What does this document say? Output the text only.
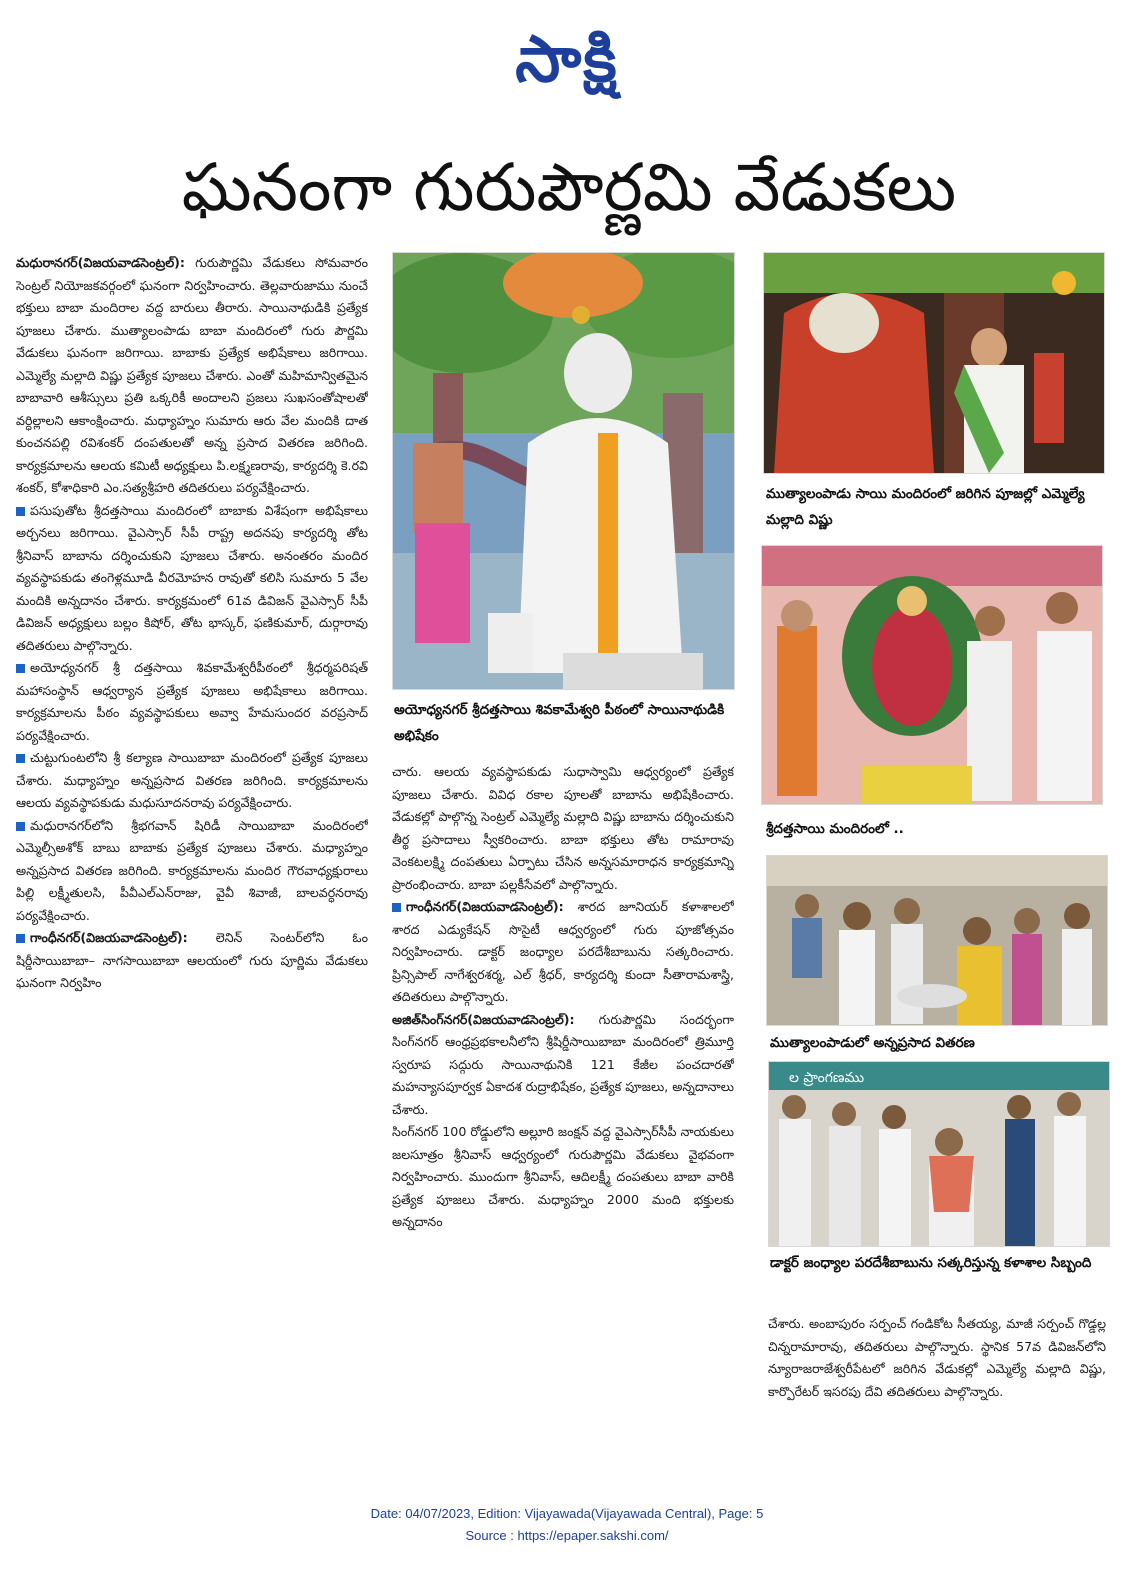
సాక్షి
ఘనంగా గురుపౌర్ణమి వేడుకలు

మధురానగర్(విజయవాడసెంట్రల్): గురుపౌర్ణమి వేడుకలు సోమవారం సెంట్రల్ నియోజకవర్గంలో ఘనంగా నిర్వహించారు. తెల్లవారుజాము నుంచే భక్తులు బాబా మందిరాల వద్ద బారులు తీరారు. సాయినాథుడికి ప్రత్యేక పూజలు చేశారు. ముత్యాలంపాడు బాబా మందిరంలో గురు పౌర్ణమి వేడుకలు ఘనంగా జరిగాయి. బాబాకు ప్రత్యేక అభిషేకాలు జరిగాయి. ఎమ్మెల్యే మల్లాది విష్ణు ప్రత్యేక పూజలు చేశారు. ఎంతో మహిమాన్వితమైన బాబావారి ఆశీస్సులు ప్రతి ఒక్కరికీ అందాలని ప్రజలు సుఖసంతోషాలతో వర్ధిల్లాలని ఆకాంక్షించారు. మధ్యాహ్నం సుమారు ఆరు వేల మందికి దాత కుంచనపల్లి రవిశంకర్ దంపతులతో అన్న ప్రసాద వితరణ జరిగింది. కార్యక్రమాలను ఆలయ కమిటీ అధ్యక్షులు పి.లక్ష్మణరావు, కార్యదర్శి కె.రవి శంకర్, కోశాధికారి ఎం.సత్యశ్రీహరి తదితరులు పర్యవేక్షించారు.

పసుపుతోట శ్రీదత్తసాయి మందిరంలో బాబాకు విశేషంగా అభిషేకాలు అర్చనలు జరిగాయి. వైఎస్సార్ సీపీ రాష్ట్ర అదనపు కార్యదర్శి తోట శ్రీనివాస్ బాబాను దర్శించుకుని పూజలు చేశారు. అనంతరం మందిర వ్యవస్థాపకుడు తంగెళ్లమూడి వీరమోహన రావుతో కలిసి సుమారు 5 వేల మందికి అన్నదానం చేశారు. కార్యక్రమంలో 61వ డివిజన్ వైఎస్సార్ సీపీ డివిజన్ అధ్యక్షులు బల్లం కిషోర్, తోట భాస్కర్, ఫణికుమార్, దుర్గారావు తదితరులు పాల్గొన్నారు.

అయోధ్యనగర్ శ్రీ దత్తసాయి శివకామేశ్వరీపీఠంలో శ్రీధర్మపరిషత్ మహాసంస్థాన్ ఆధ్వర్యాన ప్రత్యేక పూజలు అభిషేకాలు జరిగాయి. కార్యక్రమాలను పీఠం వ్యవస్థాపకులు అవ్వా హేమసుందర వరప్రసాద్ పర్యవేక్షించారు.

చుట్టుగుంటలోని శ్రీ కల్యాణ సాయిబాబా మందిరంలో ప్రత్యేక పూజలు చేశారు. మధ్యాహ్నం అన్నప్రసాద వితరణ జరిగింది. కార్యక్రమాలను ఆలయ వ్యవస్థాపకుడు మధుసూదనరావు పర్యవేక్షించారు.

మధురానగర్‌లోని శ్రీభగవాన్ షిరిడీ సాయిబాబా మందిరంలో ఎమ్మెల్సీఅశోక్ బాబు బాబాకు ప్రత్యేక పూజలు చేశారు. మధ్యాహ్నం అన్నప్రసాద వితరణ జరిగింది. కార్యక్రమాలను మందిర గౌరవాధ్యక్షురాలు పిల్లి లక్ష్మీతులసి, పీవీఎల్ఎన్‌రాజు, వైవీ శివాజీ, బాలవర్ధనరావు పర్యవేక్షించారు.

గాంధీనగర్(విజయవాడసెంట్రల్): లెనిన్ సెంటర్‌లోని ఓం షిర్డీసాయిబాబా– నాగసాయిబాబా ఆలయంలో గురు పూర్ణిమ వేడుకలు ఘనంగా నిర్వహిం

అయోధ్యనగర్ శ్రీదత్తసాయి శివకామేశ్వరి పీఠంలో సాయినాథుడికి అభిషేకం

చారు. ఆలయ వ్యవస్థాపకుడు సుధాస్వామి ఆధ్వర్యంలో ప్రత్యేక పూజలు చేశారు. వివిధ రకాల పూలతో బాబాను అభిషేకించారు. వేడుకల్లో పాల్గొన్న సెంట్రల్ ఎమ్మెల్యే మల్లాది విష్ణు బాబాను దర్శించుకుని తీర్థ ప్రసాదాలు స్వీకరించారు. బాబా భక్తులు తోట రామారావు వెంకటలక్ష్మి దంపతులు ఏర్పాటు చేసిన అన్నసమారాధన కార్యక్రమాన్ని ప్రారంభించారు. బాబా పల్లకీసేవలో పాల్గొన్నారు.

గాంధీనగర్(విజయవాడసెంట్రల్): శారద జూనియర్ కళాశాలలో శారద ఎడ్యుకేషన్ సొసైటీ ఆధ్వర్యంలో గురు పూజోత్సవం నిర్వహించారు. డాక్టర్ జంధ్యాల పరదేశీబాబును సత్కరించారు. ప్రిన్సిపాల్ నాగేశ్వరశర్మ, ఎల్ శ్రీధర్, కార్యదర్శి కుందా సీతారామశాస్త్రి, తదితరులు పాల్గొన్నారు.

అజిత్‌సింగ్‌నగర్(విజయవాడసెంట్రల్): గురుపౌర్ణమి సందర్భంగా సింగ్‌నగర్ ఆంధ్రప్రభకాలనీలోని శ్రీషిర్డీసాయిబాబా మందిరంలో త్రిమూర్తి స్వరూప సద్గురు సాయినాథునికి 121 కేజీల పంచదారతో మహన్యాసపూర్వక ఏకాదశ రుద్రాభిషేకం, ప్రత్యేక పూజలు, అన్నదానాలు చేశారు.

సింగ్‌నగర్ 100 రోడ్డులోని అల్లూరి జంక్షన్ వద్ద వైఎస్సార్‌సీపీ నాయకులు జలసూత్రం శ్రీనివాస్ ఆధ్వర్యంలో గురుపౌర్ణమి వేడుకలు వైభవంగా నిర్వహించారు. ముందుగా శ్రీనివాస్, ఆదిలక్ష్మీ దంపతులు బాబా వారికి ప్రత్యేక పూజలు చేశారు. మధ్యాహ్నం 2000 మంది భక్తులకు అన్నదానం

ముత్యాలంపాడు సాయి మందిరంలో జరిగిన పూజల్లో ఎమ్మెల్యే మల్లాది విష్ణు
శ్రీదత్తసాయి మందిరంలో ..
ముత్యాలంపాడులో అన్నప్రసాద వితరణ
ల ప్రాంగణము
డాక్టర్ జంధ్యాల పరదేశీబాబును సత్కరిస్తున్న కళాశాల సిబ్బంది

చేశారు. అంబాపురం సర్పంచ్ గండికోట సీతయ్య, మాజీ సర్పంచ్ గొడ్డల్ల చిన్నరామారావు, తదితరులు పాల్గొన్నారు. స్థానిక 57వ డివిజన్‌లోని న్యూరాజరాజేశ్వరీపేటలో జరిగిన వేడుకల్లో ఎమ్మెల్యే మల్లాది విష్ణు, కార్పొరేటర్ ఇసరపు దేవి తదితరులు పాల్గొన్నారు.

Date: 04/07/2023, Edition: Vijayawada(Vijayawada Central), Page: 5
Source : https://epaper.sakshi.com/
